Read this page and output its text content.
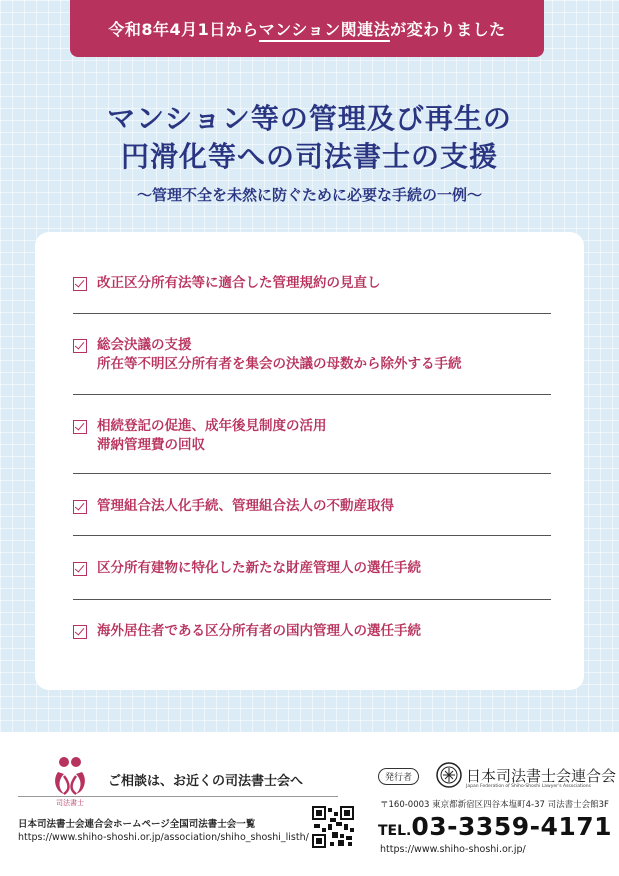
令和8年4月1日からマンション関連法が変わりました
マンション等の管理及び再生の
円滑化等への司法書士の支援
〜管理不全を未然に防ぐために必要な手続の一例〜
改正区分所有法等に適合した管理規約の見直し
総会決議の支援
所在等不明区分所有者を集会の決議の母数から除外する手続
相続登記の促進、成年後見制度の活用
滞納管理費の回収
管理組合法人化手続、管理組合法人の不動産取得
区分所有建物に特化した新たな財産管理人の選任手続
海外居住者である区分所有者の国内管理人の選任手続
司法書士
ご相談は、お近くの司法書士会へ
日本司法書士会連合会ホームページ全国司法書士会一覧
https://www.shiho-shoshi.or.jp/association/shiho_shoshi_listh/
発行者	日本司法書士会連合会
Japan Federation of Shiho-Shoshi Lawyer's Associations
〒160-0003 東京都新宿区四谷本塩町4-37 司法書士会館3F
TEL.03-3359-4171
https://www.shiho-shoshi.or.jp/
